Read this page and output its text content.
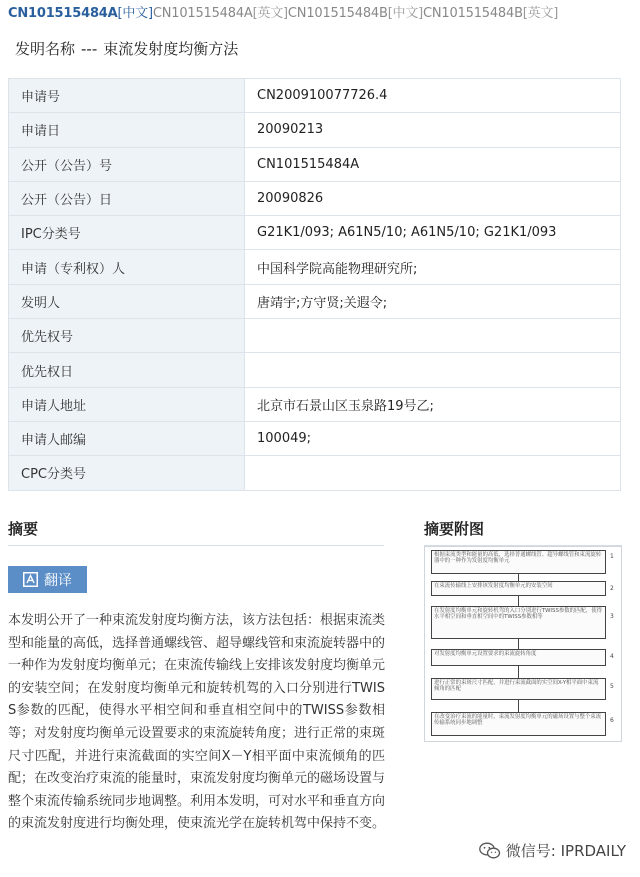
CN101515484A[中文]CN101515484A[英文]CN101515484B[中文]CN101515484B[英文]
发明名称 --- 束流发射度均衡方法
申请号	CN200910077726.4
申请日	20090213
公开（公告）号	CN101515484A
公开（公告）日	20090826
IPC分类号	G21K1/093; A61N5/10; A61N5/10; G21K1/093
申请（专利权）人	中国科学院高能物理研究所;
发明人	唐靖宇;方守贤;关遐令;
优先权号	
优先权日	
申请人地址	北京市石景山区玉泉路19号乙;
申请人邮编	100049;
CPC分类号	
摘要	摘要附图
翻译
本发明公开了一种束流发射度均衡方法，该方法包括：根据束流类型和能量的高低，选择普通螺线管、超导螺线管和束流旋转器中的一种作为发射度均衡单元；在束流传输线上安排该发射度均衡单元的安装空间；在发射度均衡单元和旋转机驾的入口分别进行TWISS参数的匹配，使得水平相空间和垂直相空间中的TWISS参数相等；对发射度均衡单元设置要求的束流旋转角度；进行正常的束斑尺寸匹配，并进行束流截面的实空间X－Y相平面中束流倾角的匹配；在改变治疗束流的能量时，束流发射度均衡单元的磁场设置与整个束流传输系统同步地调整。利用本发明，可对水平和垂直方向的束流发射度进行均衡处理，使束流光学在旋转机驾中保持不变。
根据束流类型和能量的高低，选择普通螺线管、超导螺线管和束流旋转器中的一种作为发射度均衡单元
1
在束流传输线上安排该发射度均衡单元的安装空间	2
在发射度均衡单元和旋转机驾的入口分别进行TWISS参数的匹配，使得水平相空间和垂直相空间中的TWISS参数相等	3
对发射度均衡单元设置要求的束流旋转角度	4
进行正常的束斑尺寸匹配，并进行束流截面的实空间X-Y相平面中束流倾角的匹配	5
在改变治疗束流的能量时，束流发射度均衡单元的磁场设置与整个束流传输系统同步地调整	6
微信号: IPRDAILY
